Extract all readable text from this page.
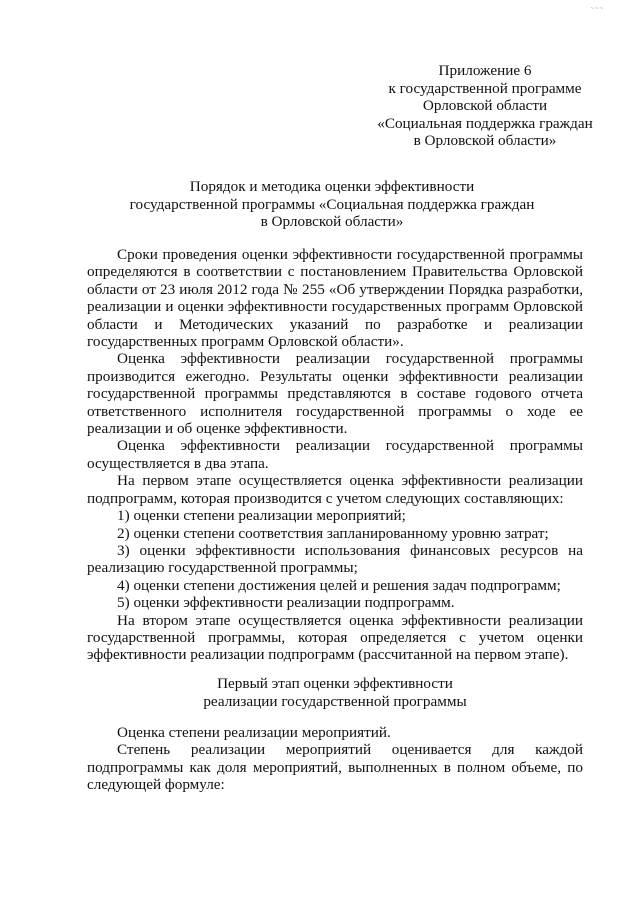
~~~
Приложение 6
к государственной программе
Орловской области
«Социальная поддержка граждан
в Орловской области»
Порядок и методика оценки эффективности
государственной программы «Социальная поддержка граждан
в Орловской области»

Сроки проведения оценки эффективности государственной программы определяются в соответствии с постановлением Правительства Орловской области от 23 июля 2012 года № 255 «Об утверждении Порядка разработки, реализации и оценки эффективности государственных программ Орловской области и Методических указаний по разработке и реализации государственных программ Орловской области».

Оценка эффективности реализации государственной программы производится ежегодно. Результаты оценки эффективности реализации государственной программы представляются в составе годового отчета ответственного исполнителя государственной программы о ходе ее реализации и об оценке эффективности.

Оценка эффективности реализации государственной программы осуществляется в два этапа.

На первом этапе осуществляется оценка эффективности реализации подпрограмм, которая производится с учетом следующих составляющих:

1) оценки степени реализации мероприятий;

2) оценки степени соответствия запланированному уровню затрат;

3) оценки эффективности использования финансовых ресурсов на реализацию государственной программы;

4) оценки степени достижения целей и решения задач подпрограмм;

5) оценки эффективности реализации подпрограмм.

На втором этапе осуществляется оценка эффективности реализации государственной программы, которая определяется с учетом оценки эффективности реализации подпрограмм (рассчитанной на первом этапе).

Первый этап оценки эффективности
реализации государственной программы

Оценка степени реализации мероприятий.

Степень реализации мероприятий оценивается для каждой подпрограммы как доля мероприятий, выполненных в полном объеме, по следующей формуле:
